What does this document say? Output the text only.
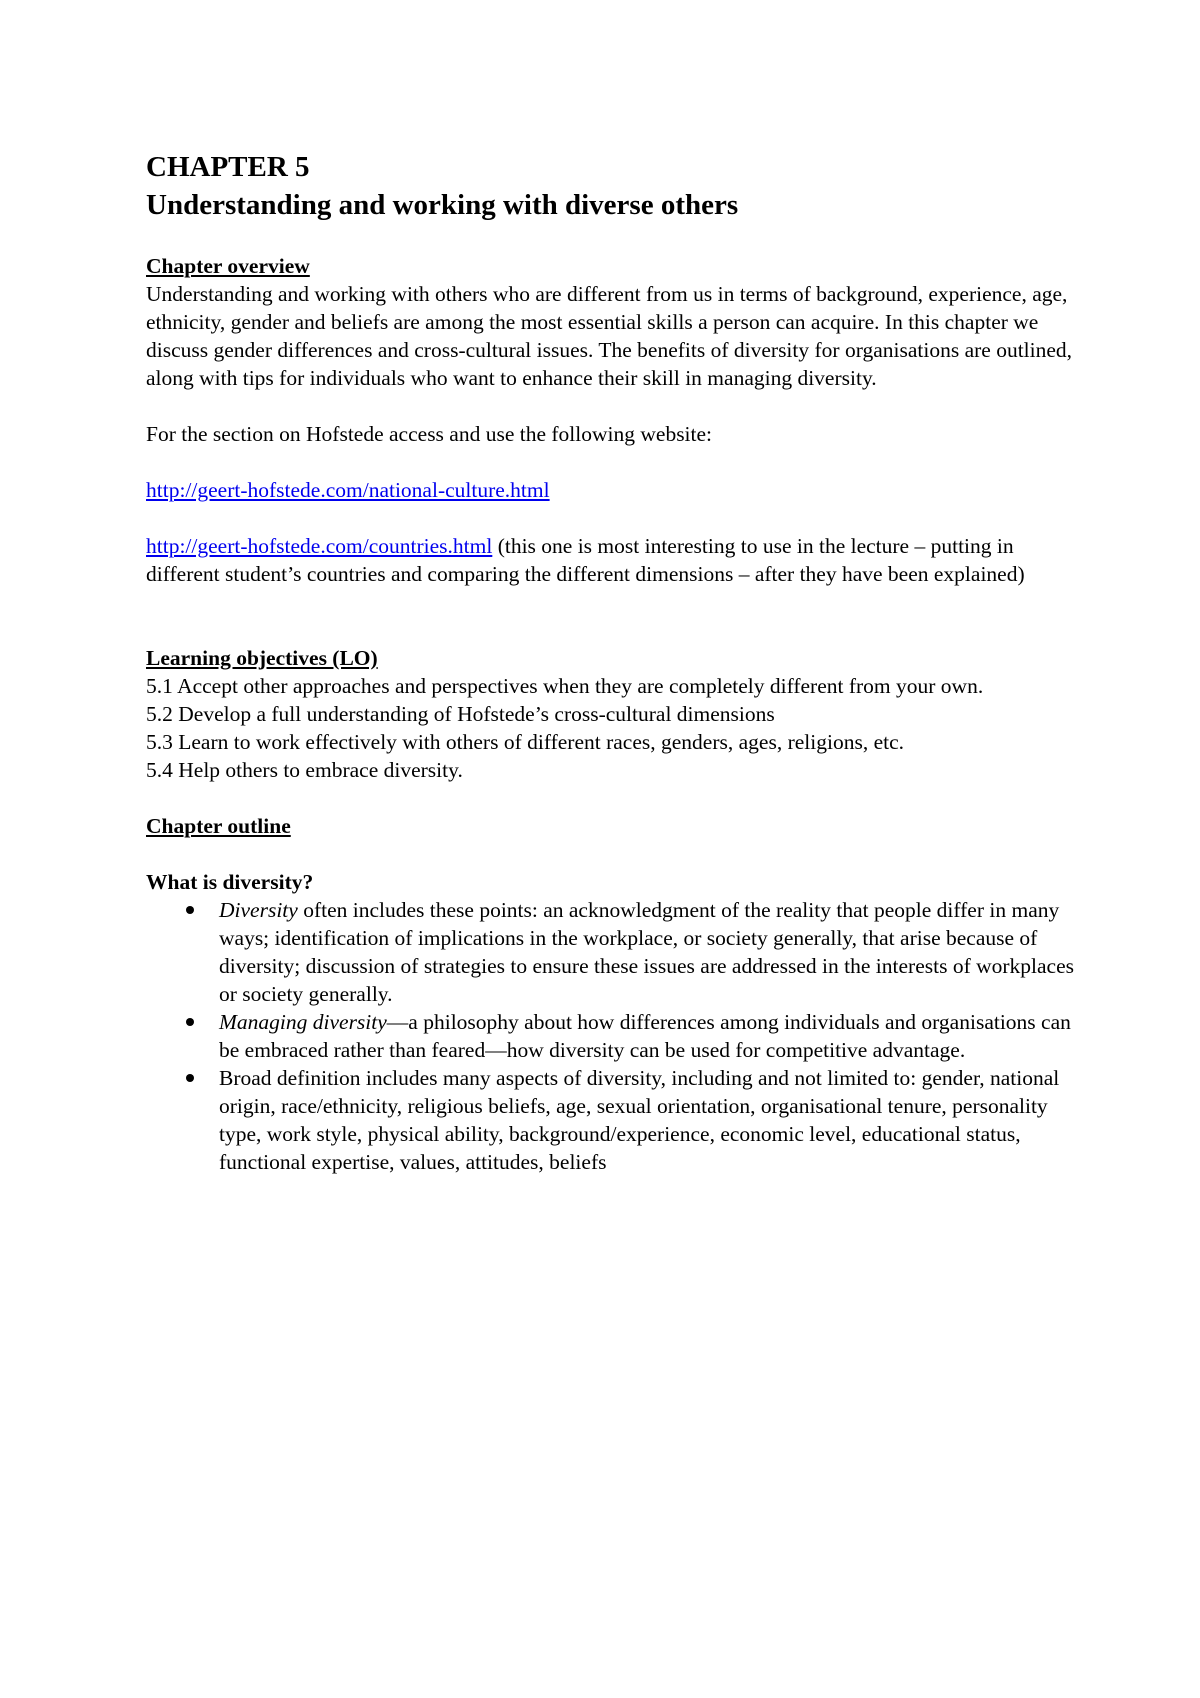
CHAPTER 5
Understanding and working with diverse others

Chapter overview

Understanding and working with others who are different from us in terms of background, experience, age, ethnicity, gender and beliefs are among the most essential skills a person can acquire. In this chapter we discuss gender differences and cross-cultural issues. The benefits of diversity for organisations are outlined, along with tips for individuals who want to enhance their skill in managing diversity.

For the section on Hofstede access and use the following website:

http://geert-hofstede.com/national-culture.html

http://geert-hofstede.com/countries.html (this one is most interesting to use in the lecture – putting in different student’s countries and comparing the different dimensions – after they have been explained)

Learning objectives (LO)

5.1 Accept other approaches and perspectives when they are completely different from your own.

5.2 Develop a full understanding of Hofstede’s cross-cultural dimensions

5.3 Learn to work effectively with others of different races, genders, ages, religions, etc.

5.4 Help others to embrace diversity.

Chapter outline

What is diversity?

Diversity often includes these points: an acknowledgment of the reality that people differ in many ways; identification of implications in the workplace, or society generally, that arise because of diversity; discussion of strategies to ensure these issues are addressed in the interests of workplaces or society generally.
Managing diversity—a philosophy about how differences among individuals and organisations can be embraced rather than feared—how diversity can be used for competitive advantage.
Broad definition includes many aspects of diversity, including and not limited to: gender, national origin, race/ethnicity, religious beliefs, age, sexual orientation, organisational tenure, personality type, work style, physical ability, background/experience, economic level, educational status, functional expertise, values, attitudes, beliefs
